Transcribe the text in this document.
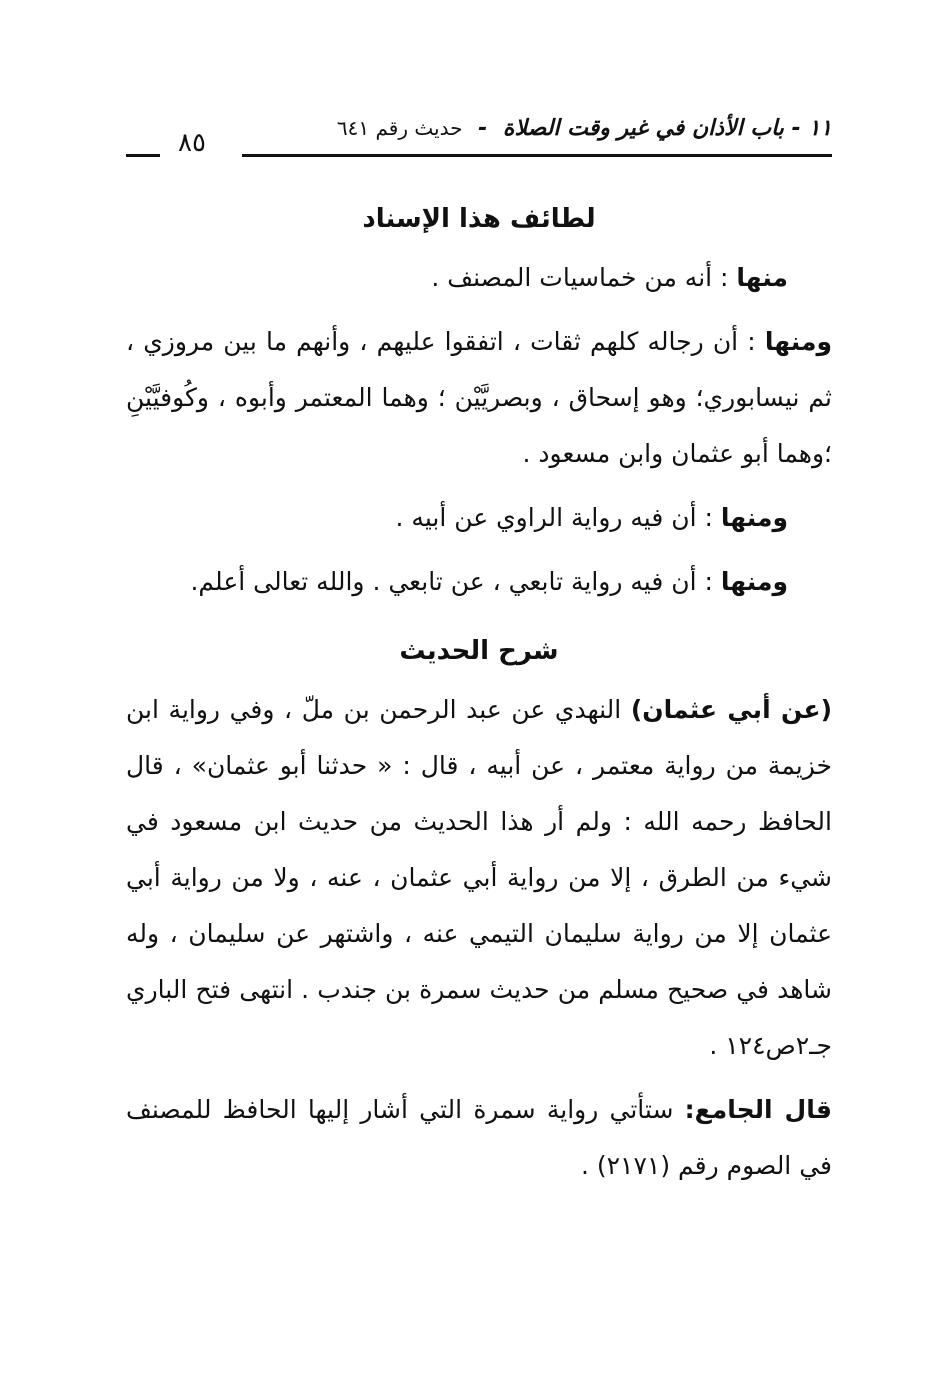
١١ - باب الأذان في غير وقت الصلاة - حديث رقم ٦٤١
٨٥
لطائف هذا الإسناد

منها : أنه من خماسيات المصنف .

ومنها : أن رجاله كلهم ثقات ، اتفقوا عليهم ، وأنهم ما بين مروزي ، ثم نيسابوري؛ وهو إسحاق ، وبصريَّيْن ؛ وهما المعتمر وأبوه ، وكُوفيَّيْنِ ؛وهما أبو عثمان وابن مسعود .

ومنها : أن فيه رواية الراوي عن أبيه .

ومنها : أن فيه رواية تابعي ، عن تابعي . والله تعالى أعلم.

شرح الحديث

(عن أبي عثمان) النهدي عن عبد الرحمن بن ملّ ، وفي رواية ابن خزيمة من رواية معتمر ، عن أبيه ، قال : « حدثنا أبو عثمان» ، قال الحافظ رحمه الله : ولم أر هذا الحديث من حديث ابن مسعود في شيء من الطرق ، إلا من رواية أبي عثمان ، عنه ، ولا من رواية أبي عثمان إلا من رواية سليمان التيمي عنه ، واشتهر عن سليمان ، وله شاهد في صحيح مسلم من حديث سمرة بن جندب . انتهى فتح الباري جـ٢ص١٢٤ .

قال الجامع: ستأتي رواية سمرة التي أشار إليها الحافظ للمصنف في الصوم رقم (٢١٧١) .
